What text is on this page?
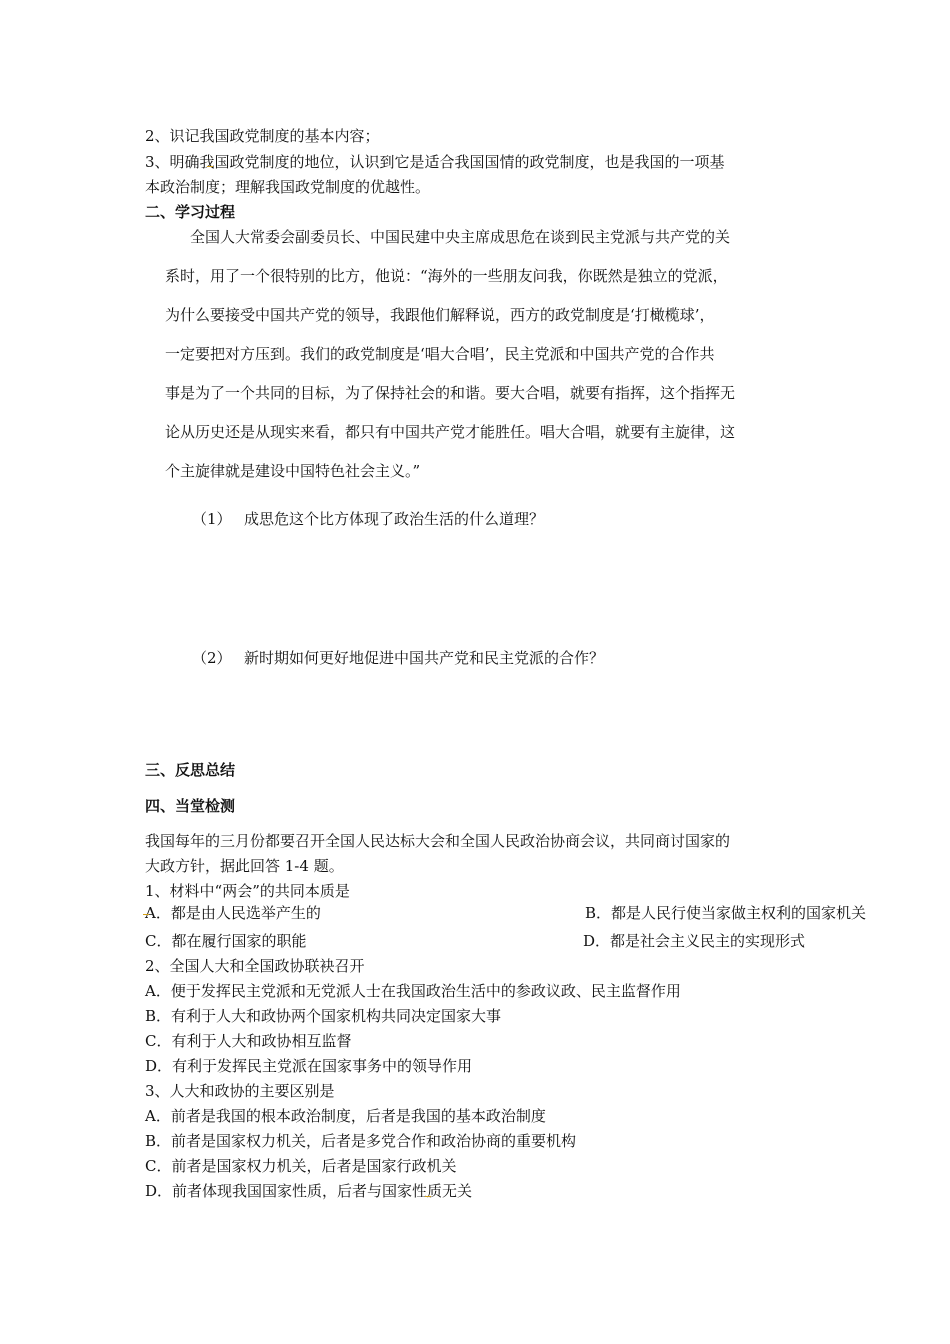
2、识记我国政党制度的基本内容；
3、明确我国政党制度的地位，认识到它是适合我国国情的政党制度，也是我国的一项基
本政治制度；理解我国政党制度的优越性。
二、学习过程
全国人大常委会副委员长、中国民建中央主席成思危在谈到民主党派与共产党的关
系时，用了一个很特别的比方，他说：“海外的一些朋友问我，你既然是独立的党派，
为什么要接受中国共产党的领导，我跟他们解释说，西方的政党制度是‘打橄榄球’，
一定要把对方压到。我们的政党制度是‘唱大合唱’，民主党派和中国共产党的合作共
事是为了一个共同的目标，为了保持社会的和谐。要大合唱，就要有指挥，这个指挥无
论从历史还是从现实来看，都只有中国共产党才能胜任。唱大合唱，就要有主旋律，这
个主旋律就是建设中国特色社会主义。”
（1） 成思危这个比方体现了政治生活的什么道理？
（2） 新时期如何更好地促进中国共产党和民主党派的合作？
三、反思总结
四、当堂检测
我国每年的三月份都要召开全国人民达标大会和全国人民政治协商会议，共同商讨国家的
大政方针，据此回答 1-4 题。
1、材料中“两会”的共同本质是
A．都是由人民选举产生的	B．都是人民行使当家做主权利的国家机关
C．都在履行国家的职能	D．都是社会主义民主的实现形式
2、全国人大和全国政协联袂召开
A．便于发挥民主党派和无党派人士在我国政治生活中的参政议政、民主监督作用
B．有利于人大和政协两个国家机构共同决定国家大事
C．有利于人大和政协相互监督
D．有利于发挥民主党派在国家事务中的领导作用
3、人大和政协的主要区别是
A．前者是我国的根本政治制度，后者是我国的基本政治制度
B．前者是国家权力机关，后者是多党合作和政治协商的重要机构
C．前者是国家权力机关，后者是国家行政机关
D．前者体现我国国家性质，后者与国家性质无关
